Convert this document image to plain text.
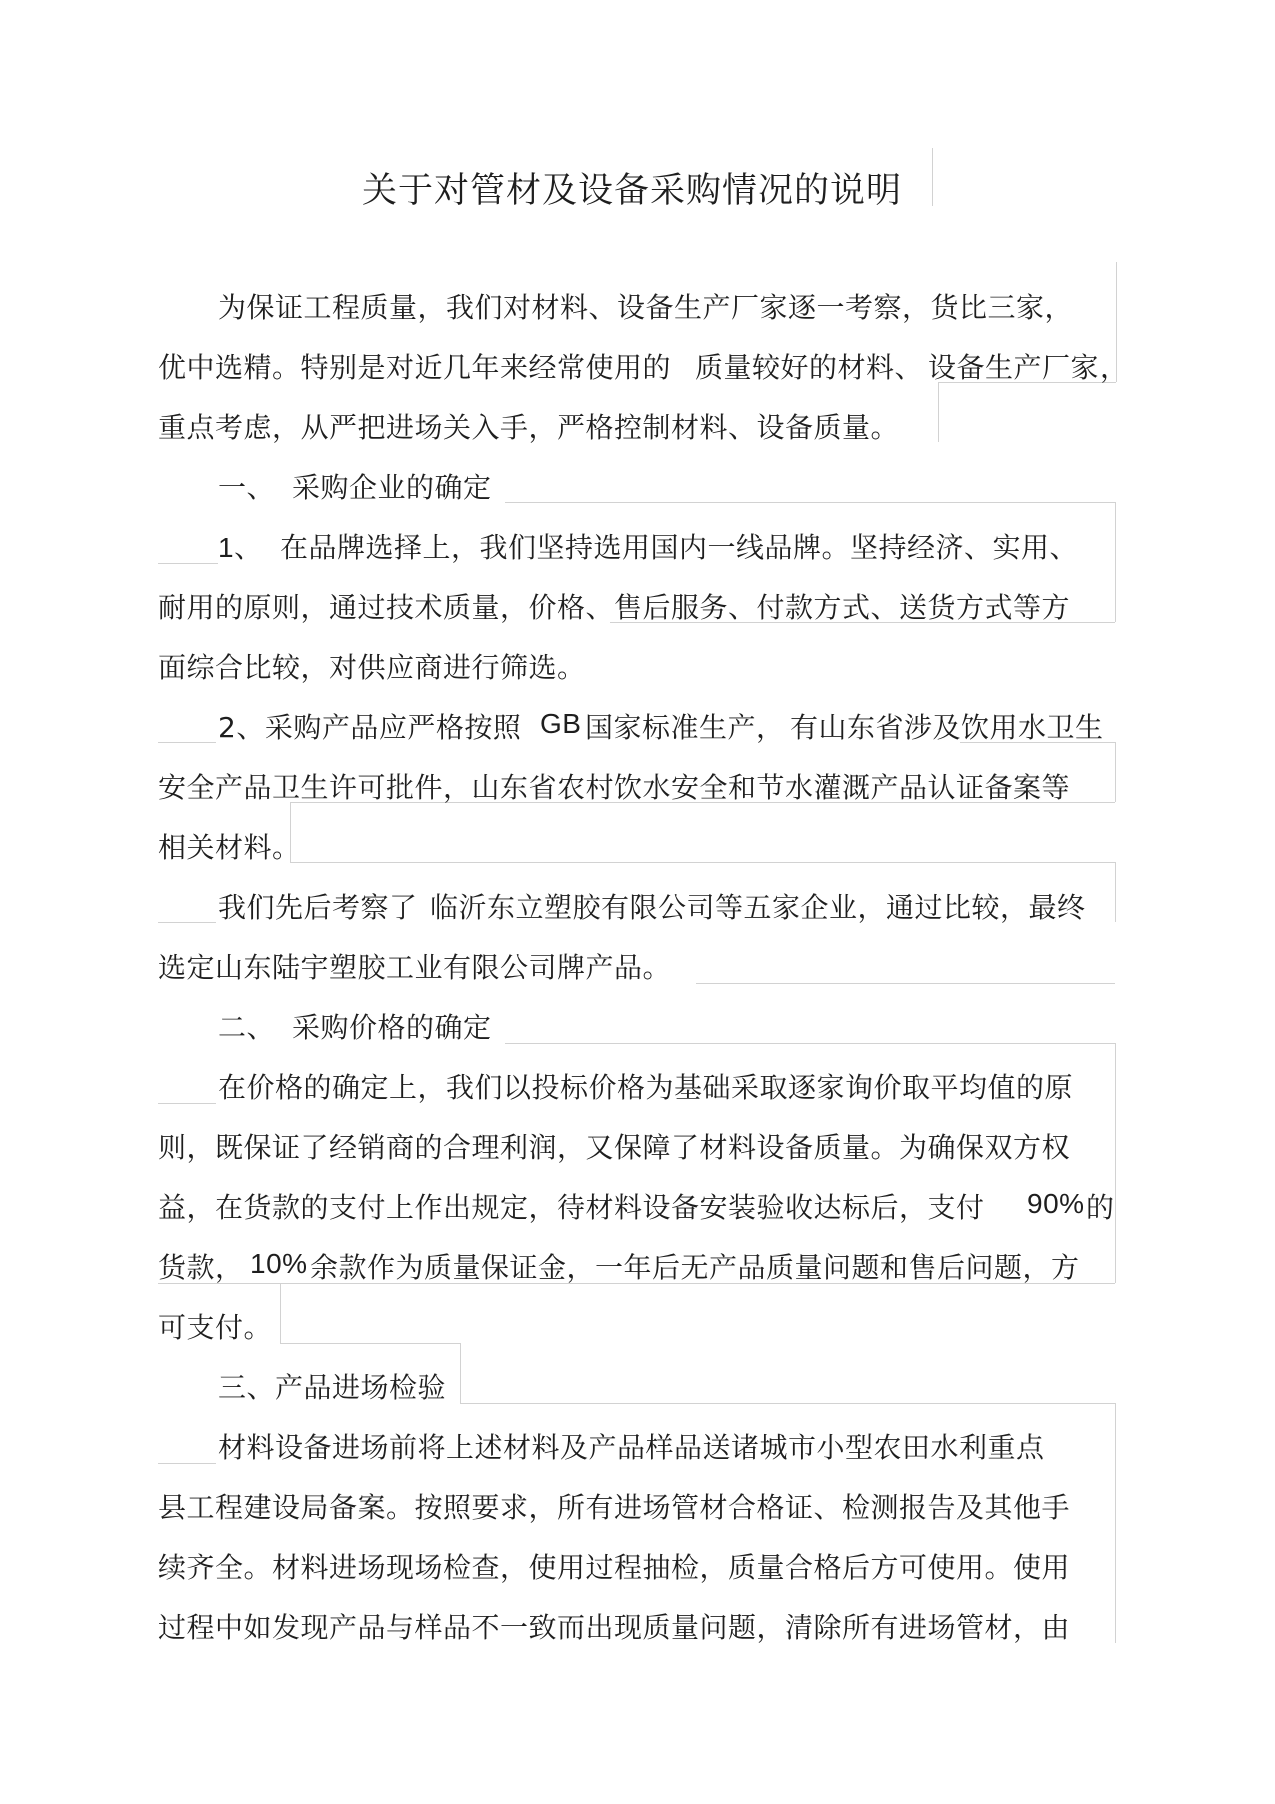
关于对管材及设备采购情况的说明
为保证工程质量，我们对材料、设备生产厂家逐一考察，货比三家，
优中选精。特别是对近几年来经常使用的 质量较好的材料、 设备生产厂家 ，
重点考虑，从严把进场关入手，严格控制材料、设备质量。
一、 采购企业的确定
1、 在品牌选择上，我们坚持选用国内一线品牌。坚持经济、实用、
耐用的原则，通过技术质量，价格、售后服务、付款方式、送货方式等方
面综合比较，对供应商进行筛选。
2、采购产品应严格按照 GB 国家标准生产， 有山东省涉及饮用水卫生
安全产品卫生许可批件，山东省农村饮水安全和节水灌溉产品认证备案等
相关材料。
我们先后考察了 临沂东立塑胶有限公司等五家企业，通过比较，最终
选定山东陆宇塑胶工业有限公司牌产品。
二、 采购价格的确定
在价格的确定上，我们以投标价格为基础采取逐家询价取平均值的原
则，既保证了经销商的合理利润，又保障了材料设备质量。为确保双方权
益，在货款的支付上作出规定，待材料设备安装验收达标后，支付 90% 的
货款， 10% 余款作为质量保证金，一年后无产品质量问题和售后问题，方
可支付。
三、产品进场检验
材料设备进场前将上述材料及产品样品送诸城市小型农田水利重点
县工程建设局备案。按照要求，所有进场管材合格证、检测报告及其他手
续齐全。材料进场现场检查，使用过程抽检，质量合格后方可使用。使用
过程中如发现产品与样品不一致而出现质量问题，清除所有进场管材，由
